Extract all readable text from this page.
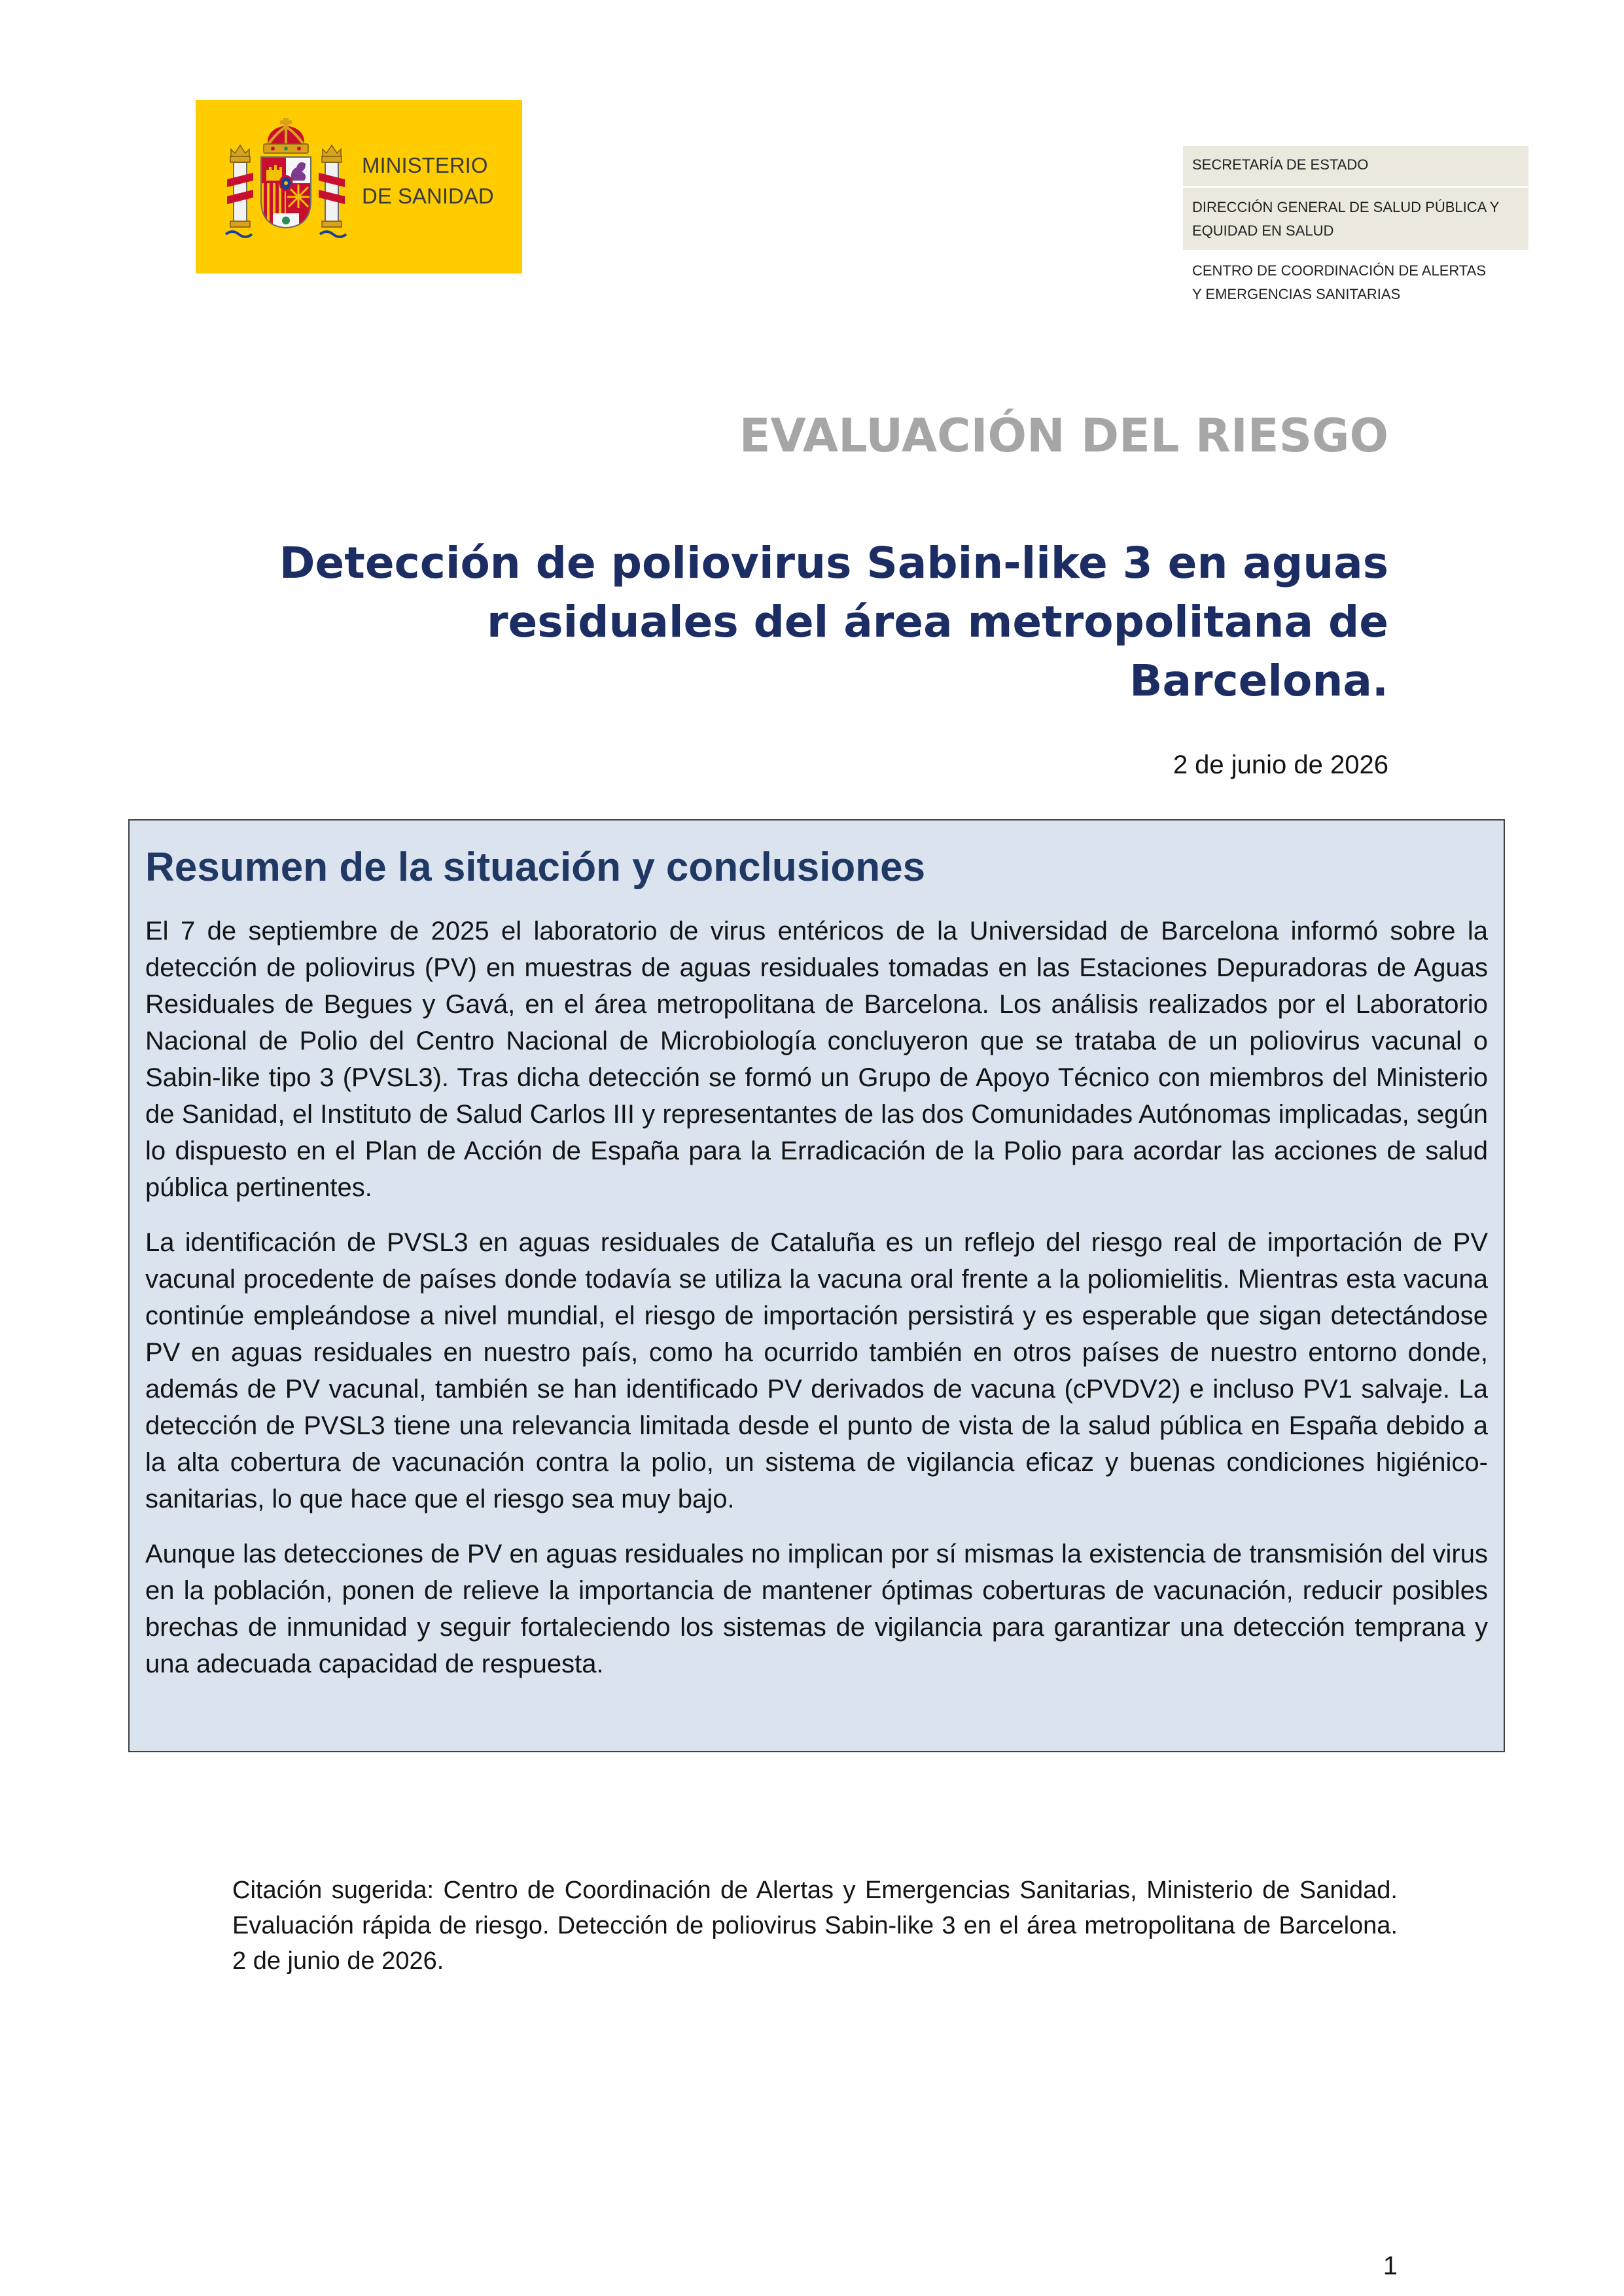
MINISTERIO
DE SANIDAD
SECRETARÍA DE ESTADO
DIRECCIÓN GENERAL DE SALUD PÚBLICA Y
EQUIDAD EN SALUD
CENTRO DE COORDINACIÓN DE ALERTAS
Y EMERGENCIAS SANITARIAS
EVALUACIÓN DEL RIESGO
Detección de poliovirus Sabin-like 3 en aguas
residuales del área metropolitana de
Barcelona.
2 de junio de 2026
Resumen de la situación y conclusiones

El 7 de septiembre de 2025 el laboratorio de virus entéricos de la Universidad de Barcelona informó sobre la detección de poliovirus (PV) en muestras de aguas residuales tomadas en las Estaciones Depuradoras de Aguas Residuales de Begues y Gavá, en el área metropolitana de Barcelona. Los análisis realizados por el Laboratorio Nacional de Polio del Centro Nacional de Microbiología concluyeron que se trataba de un poliovirus vacunal o Sabin-like tipo 3 (PVSL3). Tras dicha detección se formó un Grupo de Apoyo Técnico con miembros del Ministerio de Sanidad, el Instituto de Salud Carlos III y representantes de las dos Comunidades Autónomas implicadas, según lo dispuesto en el Plan de Acción de España para la Erradicación de la Polio para acordar las acciones de salud pública pertinentes.

La identificación de PVSL3 en aguas residuales de Cataluña es un reflejo del riesgo real de importación de PV vacunal procedente de países donde todavía se utiliza la vacuna oral frente a la poliomielitis. Mientras esta vacuna continúe empleándose a nivel mundial, el riesgo de importación persistirá y es esperable que sigan detectándose PV en aguas residuales en nuestro país, como ha ocurrido también en otros países de nuestro entorno donde, además de PV vacunal, también se han identificado PV derivados de vacuna (cPVDV2) e incluso PV1 salvaje. La detección de PVSL3 tiene una relevancia limitada desde el punto de vista de la salud pública en España debido a la alta cobertura de vacunación contra la polio, un sistema de vigilancia eficaz y buenas condiciones higiénico-sanitarias, lo que hace que el riesgo sea muy bajo.

Aunque las detecciones de PV en aguas residuales no implican por sí mismas la existencia de transmisión del virus en la población, ponen de relieve la importancia de mantener óptimas coberturas de vacunación, reducir posibles brechas de inmunidad y seguir fortaleciendo los sistemas de vigilancia para garantizar una detección temprana y una adecuada capacidad de respuesta.

Citación sugerida: Centro de Coordinación de Alertas y Emergencias Sanitarias, Ministerio de Sanidad.
Evaluación rápida de riesgo. Detección de poliovirus Sabin-like 3 en el área metropolitana de Barcelona.
2 de junio de 2026.
1
